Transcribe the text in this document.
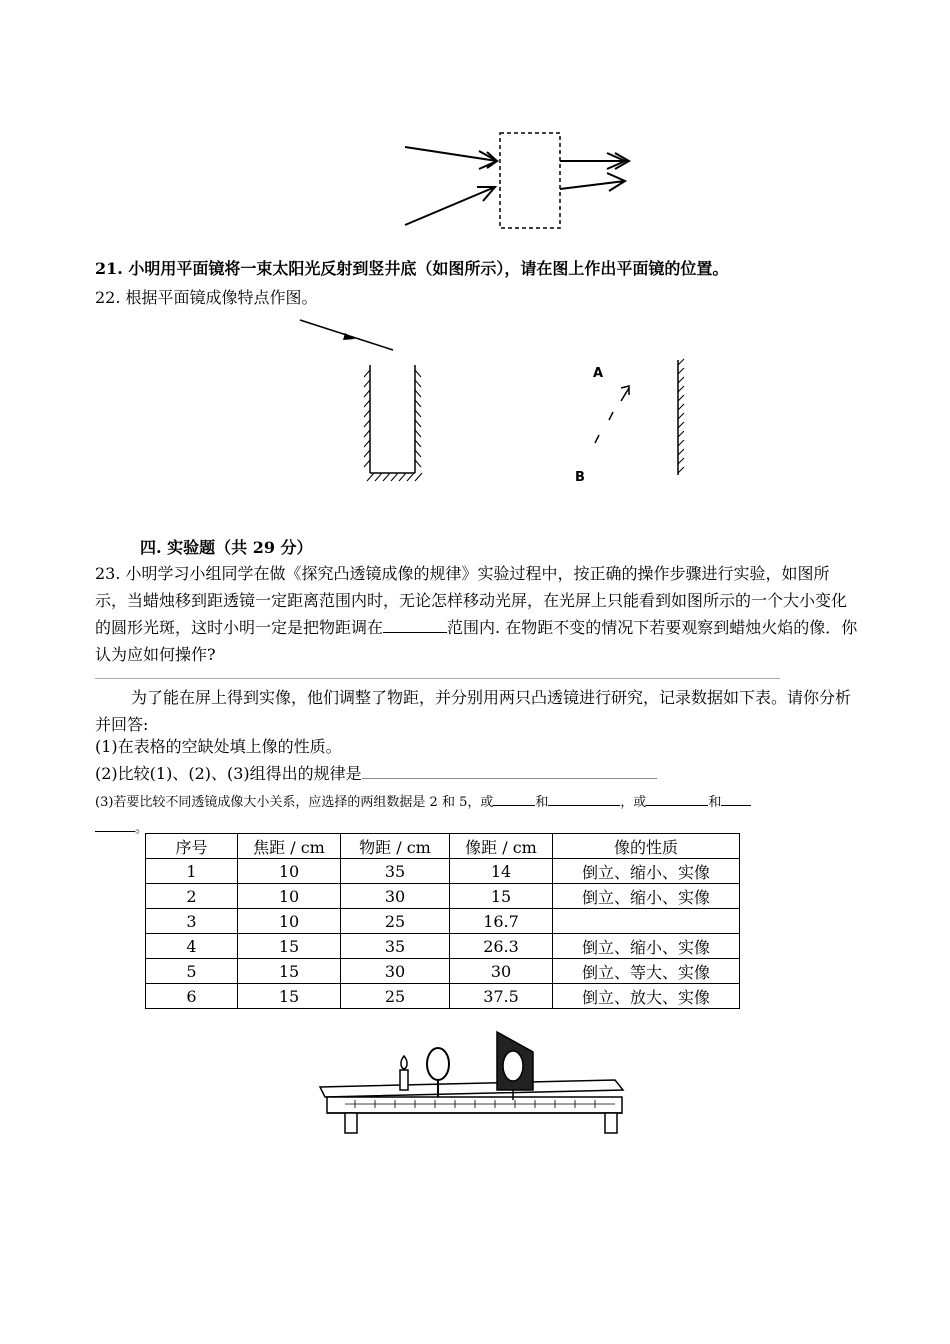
21. 小明用平面镜将一束太阳光反射到竖井底（如图所示），请在图上作出平面镜的位置。
22. 根据平面镜成像特点作图。
A
B
四. 实验题（共 29 分）
23. 小明学习小组同学在做《探究凸透镜成像的规律》实验过程中，按正确的操作步骤进行实验，如图所示，当蜡烛移到距透镜一定距离范围内时，无论怎样移动光屏，在光屏上只能看到如图所示的一个大小变化的圆形光斑，这时小明一定是把物距调在	范围内. 在物距不变的情况下若要观察到蜡烛火焰的像．你认为应如何操作?
为了能在屏上得到实像，他们调整了物距，并分别用两只凸透镜进行研究，记录数据如下表。请你分析并回答:
(1)在表格的空缺处填上像的性质。
(2)比较(1)、(2)、(3)组得出的规律是
(3)若要比较不同透镜成像大小关系，应选择的两组数据是 2 和 5，或	和	，或	和
。
序号	焦距 / cm	物距 / cm	像距 / cm	像的性质
1	10	35	14	倒立、缩小、实像
2	10	30	15	倒立、缩小、实像
3	10	25	16.7	
4	15	35	26.3	倒立、缩小、实像
5	15	30	30	倒立、等大、实像
6	15	25	37.5	倒立、放大、实像
